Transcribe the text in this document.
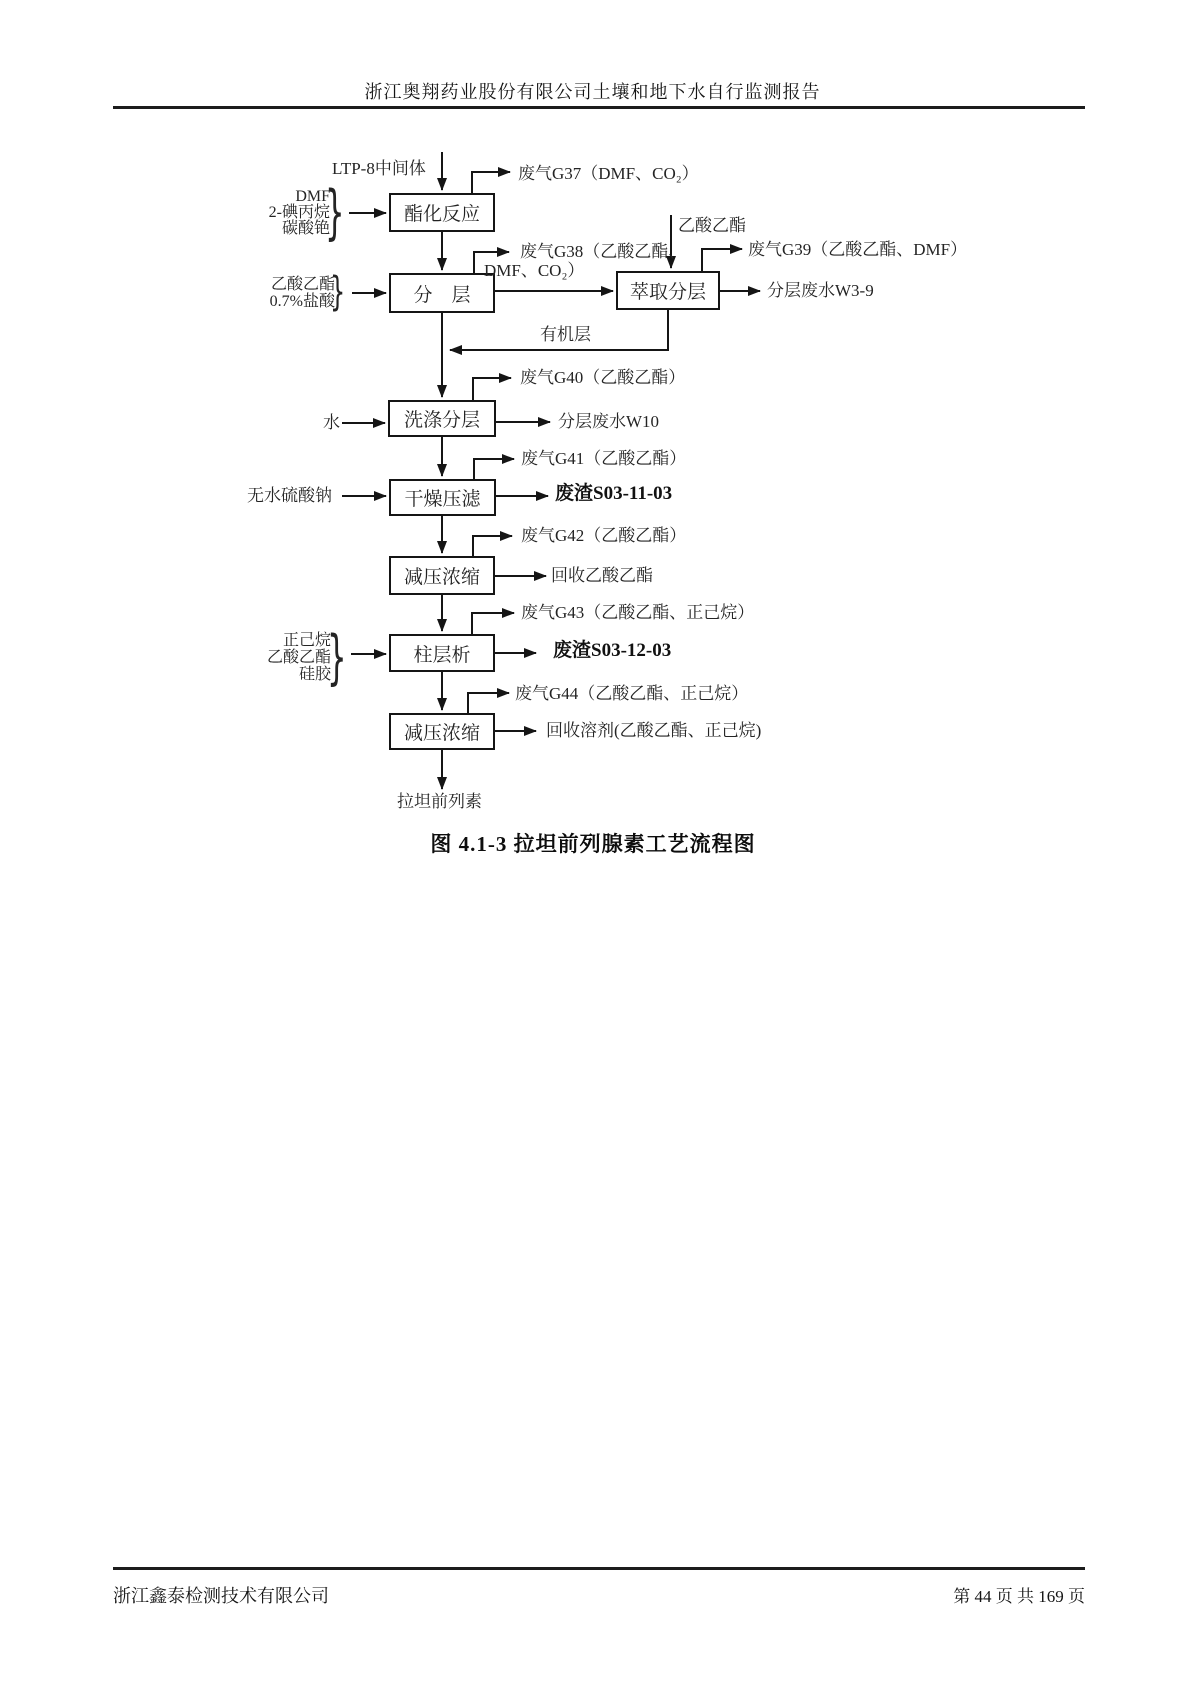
浙江奥翔药业股份有限公司土壤和地下水自行监测报告
酯化反应
分　层	萃取分层
洗涤分层
干燥压滤
减压浓缩
柱层析
减压浓缩
LTP-8中间体
DMF
2-碘丙烷
碳酸铯
}
乙酸乙酯
0.7%盐酸
}
乙酸乙酯
水
无水硫酸钠
正己烷
乙酸乙酯
硅胶
}
废气G37（DMF、CO₂）
废气G38（乙酸乙酯、
DMF、CO₂）
废气G39（乙酸乙酯、DMF）
分层废水W3-9
有机层
废气G40（乙酸乙酯）
分层废水W10
废气G41（乙酸乙酯）
废渣S03-11-03
废气G42（乙酸乙酯）
回收乙酸乙酯
废气G43（乙酸乙酯、正己烷）
废渣S03-12-03
废气G44（乙酸乙酯、正己烷）
回收溶剂(乙酸乙酯、正己烷)
拉坦前列素
图 4.1-3 拉坦前列腺素工艺流程图
浙江鑫泰检测技术有限公司	第 44 页 共 169 页
